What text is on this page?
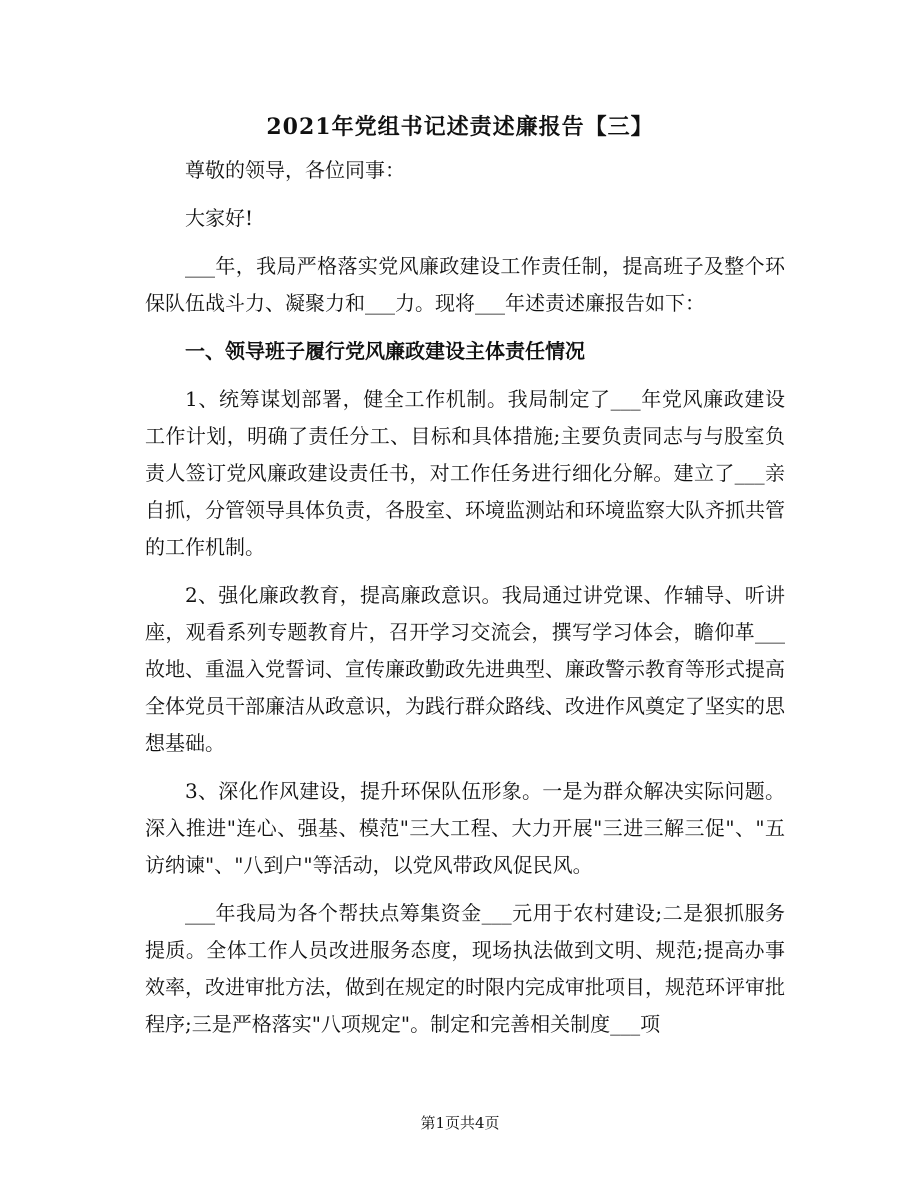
2021年党组书记述责述廉报告【三】

尊敬的领导，各位同事：

大家好!

___年，我局严格落实党风廉政建设工作责任制，提高班子及整个环保队伍战斗力、凝聚力和___力。现将___年述责述廉报告如下：

一、领导班子履行党风廉政建设主体责任情况

1、统筹谋划部署，健全工作机制。我局制定了___年党风廉政建设工作计划，明确了责任分工、目标和具体措施;主要负责同志与与股室负责人签订党风廉政建设责任书，对工作任务进行细化分解。建立了___亲自抓，分管领导具体负责，各股室、环境监测站和环境监察大队齐抓共管的工作机制。

2、强化廉政教育，提高廉政意识。我局通过讲党课、作辅导、听讲座，观看系列专题教育片，召开学习交流会，撰写学习体会，瞻仰革___故地、重温入党誓词、宣传廉政勤政先进典型、廉政警示教育等形式提高全体党员干部廉洁从政意识，为践行群众路线、改进作风奠定了坚实的思想基础。

3、深化作风建设，提升环保队伍形象。一是为群众解决实际问题。深入推进"连心、强基、模范"三大工程、大力开展"三进三解三促"、"五访纳谏"、"八到户"等活动，以党风带政风促民风。

___年我局为各个帮扶点筹集资金___元用于农村建设;二是狠抓服务提质。全体工作人员改进服务态度，现场执法做到文明、规范;提高办事效率，改进审批方法，做到在规定的时限内完成审批项目，规范环评审批程序;三是严格落实"八项规定"。制定和完善相关制度___项

第1页共4页
